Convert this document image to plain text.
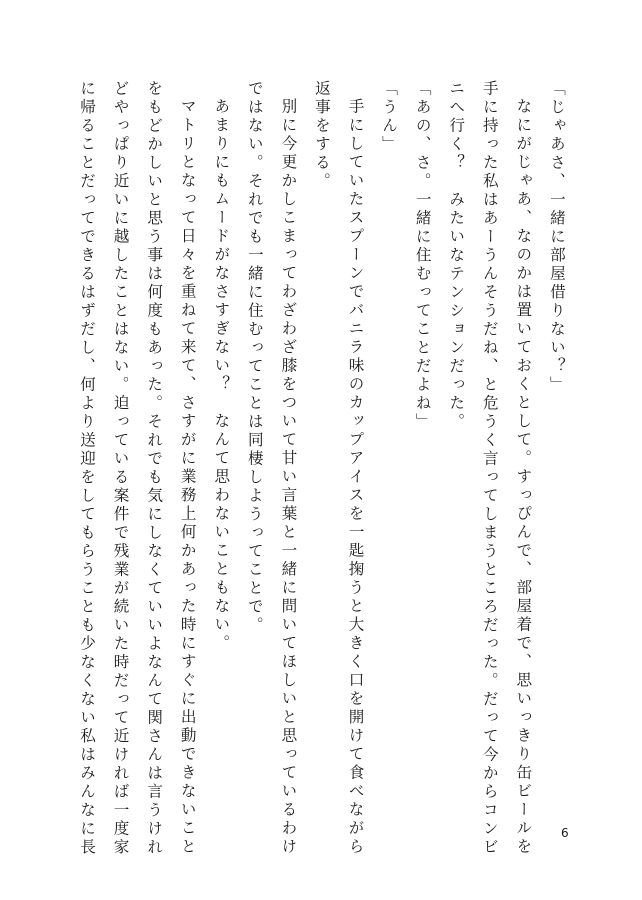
「じゃあさ、一緒に部屋借りない？」
なにがじゃあ、なのかは置いておくとして。すっぴんで、部屋着で、思いっきり缶ビールを
手に持った私はあーうんそうだね、と危うく言ってしまうところだった。だって今からコンビ
ニへ行く？　みたいなテンションだった。
「あの、さ。一緒に住むってことだよね」
「うん」
手にしていたスプーンでバニラ味のカップアイスを一匙掬うと大きく口を開けて食べながら
返事をする。
別に今更かしこまってわざわざ膝をついて甘い言葉と一緒に問いてほしいと思っているわけ
ではない。それでも一緒に住むってことは同棲しようってことで。
あまりにもムードがなさすぎない？　なんて思わないこともない。
マトリとなって日々を重ねて来て、さすがに業務上何かあった時にすぐに出動できないこと
をもどかしいと思う事は何度もあった。それでも気にしなくていいよなんて関さんは言うけれ
どやっぱり近いに越したことはない。迫っている案件で残業が続いた時だって近ければ一度家
に帰ることだってできるはずだし、何より送迎をしてもらうことも少なくない私はみんなに長	6
